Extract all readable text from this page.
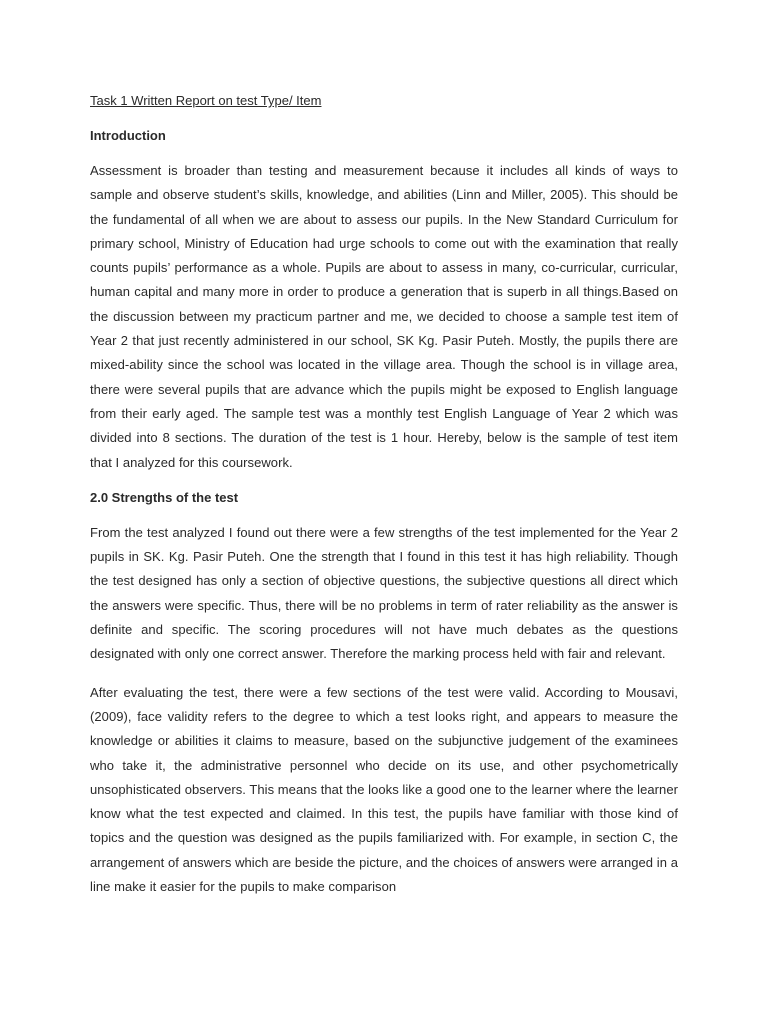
Task 1 Written Report on test Type/ Item
Introduction

Assessment is broader than testing and measurement because it includes all kinds of ways to sample and observe student’s skills, knowledge, and abilities (Linn and Miller, 2005). This should be the fundamental of all when we are about to assess our pupils. In the New Standard Curriculum for primary school, Ministry of Education had urge schools to come out with the examination that really counts pupils’ performance as a whole. Pupils are about to assess in many, co-curricular, curricular, human capital and many more in order to produce a generation that is superb in all things.Based on the discussion between my practicum partner and me, we decided to choose a sample test item of Year 2 that just recently administered in our school, SK Kg. Pasir Puteh. Mostly, the pupils there are mixed-ability since the school was located in the village area. Though the school is in village area, there were several pupils that are advance which the pupils might be exposed to English language from their early aged. The sample test was a monthly test English Language of Year 2 which was divided into 8 sections. The duration of the test is 1 hour. Hereby, below is the sample of test item that I analyzed for this coursework.

2.0 Strengths of the test

From the test analyzed I found out there were a few strengths of the test implemented for the Year 2 pupils in SK. Kg. Pasir Puteh. One the strength that I found in this test it has high reliability. Though the test designed has only a section of objective questions, the subjective questions all direct which the answers were specific. Thus, there will be no problems in term of rater reliability as the answer is definite and specific. The scoring procedures will not have much debates as the questions designated with only one correct answer. Therefore the marking process held with fair and relevant.

After evaluating the test, there were a few sections of the test were valid. According to Mousavi, (2009), face validity refers to the degree to which a test looks right, and appears to measure the knowledge or abilities it claims to measure, based on the subjunctive judgement of the examinees who take it, the administrative personnel who decide on its use, and other psychometrically unsophisticated observers. This means that the looks like a good one to the learner where the learner know what the test expected and claimed. In this test, the pupils have familiar with those kind of topics and the question was designed as the pupils familiarized with. For example, in section C, the arrangement of answers which are beside the picture, and the choices of answers were arranged in a line make it easier for the pupils to make comparison
